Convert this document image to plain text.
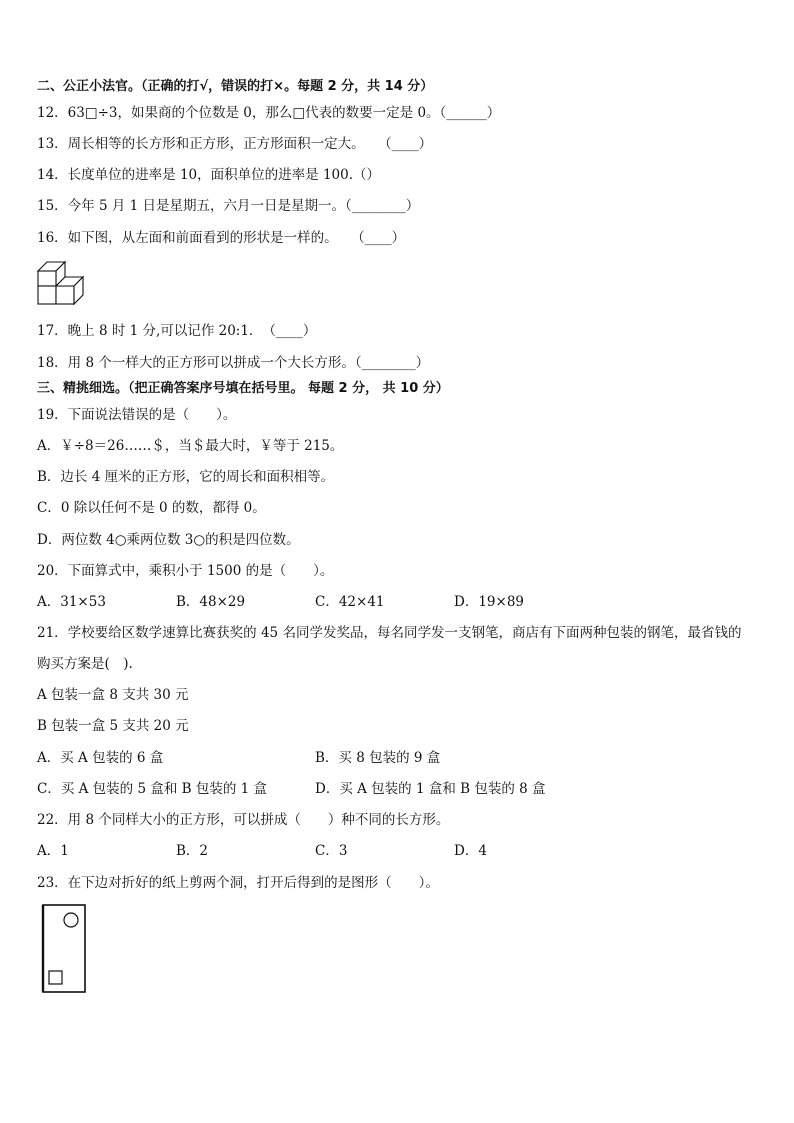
二、公正小法官。（正确的打√，错误的打×。每题 2 分，共 14 分）
12．63□÷3，如果商的个位数是 0，那么□代表的数要一定是 0。（______）
13．周长相等的长方形和正方形，正方形面积一定大。　　（____）
14．长度单位的进率是 10，面积单位的进率是 100.（）
15．今年 5 月 1 日是星期五，六月一日是星期一。（________）
16．如下图，从左面和前面看到的形状是一样的。　　（____）
17．晚上 8 时 1 分,可以记作 20:1．　（____）
18．用 8 个一样大的正方形可以拼成一个大长方形。（________）
三、精挑细选。（把正确答案序号填在括号里。 每题 2 分， 共 10 分）
19．下面说法错误的是（　　）。
A．￥÷8＝26……＄，当＄最大时，￥等于 215。
B．边长 4 厘米的正方形，它的周长和面积相等。
C．0 除以任何不是 0 的数，都得 0。
D．两位数 4○乘两位数 3○的积是四位数。
20．下面算式中，乘积小于 1500 的是（　　）。
A．31×53	B．48×29	C．42×41	D．19×89
21．学校要给区数学速算比赛获奖的 45 名同学发奖品，每名同学发一支钢笔，商店有下面两种包装的钢笔，最省钱的
购买方案是(　).
A 包装一盒 8 支共 30 元
B 包装一盒 5 支共 20 元
A．买 A 包装的 6 盒	B．买 8 包装的 9 盒
C．买 A 包装的 5 盒和 B 包装的 1 盒	D．买 A 包装的 1 盒和 B 包装的 8 盒
22．用 8 个同样大小的正方形，可以拼成（　　）种不同的长方形。
A．1	B．2	C．3	D．4
23．在下边对折好的纸上剪两个洞，打开后得到的是图形（　　）。
